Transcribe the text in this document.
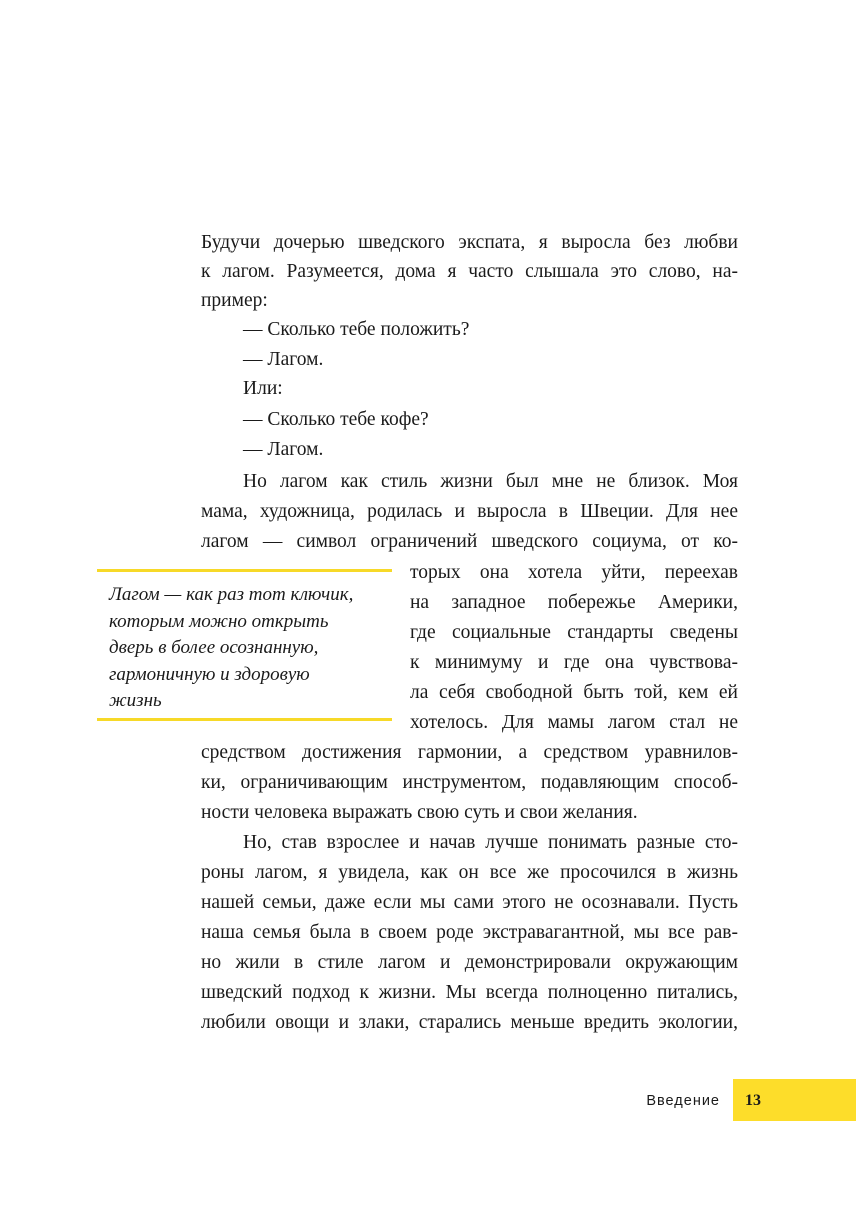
Будучи дочерью шведского экспата, я выросла без любви
к лагом. Разумеется, дома я часто слышала это слово, на-
пример:
— Сколько тебе положить?
— Лагом.
Или:
— Сколько тебе кофе?
— Лагом.
Но лагом как стиль жизни был мне не близок. Моя
мама, художница, родилась и выросла в Швеции. Для нее
лагом — символ ограничений шведского социума, от ко-
торых она хотела уйти, переехав
на западное побережье Америки,
где социальные стандарты сведены
к минимуму и где она чувствова-
ла себя свободной быть той, кем ей
хотелось. Для мамы лагом стал не
средством достижения гармонии, а средством уравнилов-
ки, ограничивающим инструментом, подавляющим способ-
ности человека выражать свою суть и свои желания.
Но, став взрослее и начав лучше понимать разные сто-
роны лагом, я увидела, как он все же просочился в жизнь
нашей семьи, даже если мы сами этого не осознавали. Пусть
наша семья была в своем роде экстравагантной, мы все рав-
но жили в стиле лагом и демонстрировали окружающим
шведский подход к жизни. Мы всегда полноценно питались,
любили овощи и злаки, старались меньше вредить экологии,
Лагом — как раз тот ключик,
которым можно открыть
дверь в более осознанную,
гармоничную и здоровую
жизнь
Введение 13
